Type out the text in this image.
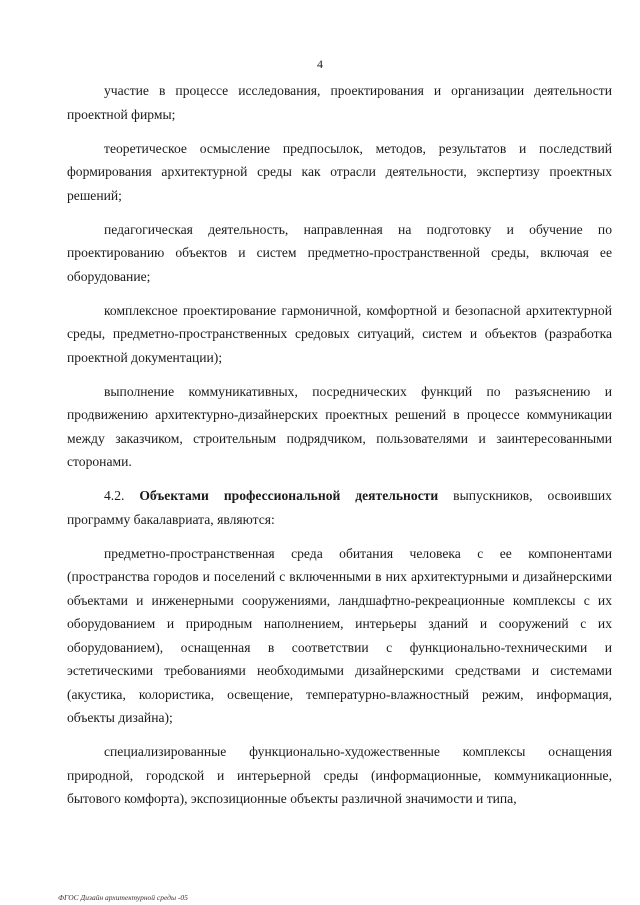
4

участие в процессе исследования, проектирования и организации деятельности проектной фирмы;

теоретическое осмысление предпосылок, методов, результатов и последствий формирования архитектурной среды как отрасли деятельности, экспертизу проектных решений;

педагогическая деятельность, направленная на подготовку и обучение по проектированию объектов и систем предметно-пространственной среды, включая ее оборудование;

комплексное проектирование гармоничной, комфортной и безопасной архитектурной среды, предметно-пространственных средовых ситуаций, систем и объектов (разработка проектной документации);

выполнение коммуникативных, посреднических функций по разъяснению и продвижению архитектурно-дизайнерских проектных решений в процессе коммуникации между заказчиком, строительным подрядчиком, пользователями и заинтересованными сторонами.

4.2. Объектами профессиональной деятельности выпускников, освоивших программу бакалавриата, являются:

предметно-пространственная среда обитания человека с ее компонентами (пространства городов и поселений с включенными в них архитектурными и дизайнерскими объектами и инженерными сооружениями, ландшафтно-рекреационные комплексы с их оборудованием и природным наполнением, интерьеры зданий и сооружений с их оборудованием), оснащенная в соответствии с функционально-техническими и эстетическими требованиями необходимыми дизайнерскими средствами и системами (акустика, колористика, освещение, температурно-влажностный режим, информация, объекты дизайна);

специализированные функционально-художественные комплексы оснащения природной, городской и интерьерной среды (информационные, коммуникационные, бытового комфорта), экспозиционные объекты различной значимости и типа,

ФГОС Дизайн архитектурной среды -05
